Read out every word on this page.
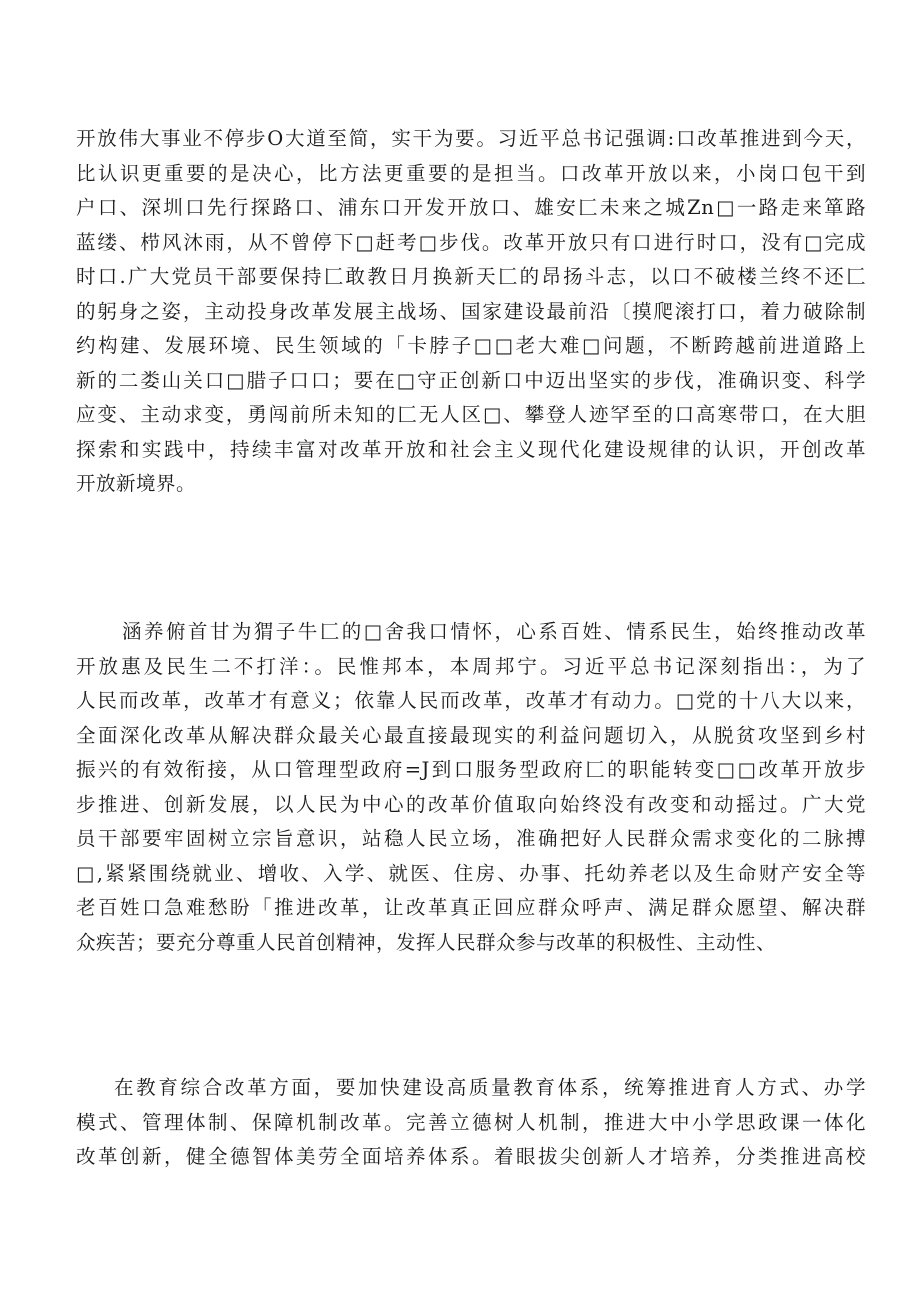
开放伟大事业不停步O大道至简，实干为要。习近平总书记强调:口改革推进到今天，
比认识更重要的是决心，比方法更重要的是担当。口改革开放以来，小岗口包干到
户口、深圳口先行探路口、浦东口开发开放口、雄安匚未来之城Zn□一路走来箪路
蓝缕、栉风沐雨，从不曾停下□赶考□步伐。改革开放只有口进行时口，没有□完成
时口.广大党员干部要保持匚敢教日月换新天匚的昂扬斗志，以口不破楼兰终不还匚
的躬身之姿，主动投身改革发展主战场、国家建设最前沿〔摸爬滚打口，着力破除制
约构建、发展环境、民生领域的「卡脖子□□老大难□问题，不断跨越前进道路上
新的二娄山关口□腊子口口；要在□守正创新口中迈出坚实的步伐，准确识变、科学
应变、主动求变，勇闯前所未知的匚无人区□、攀登人迹罕至的口高寒带口，在大胆
探索和实践中，持续丰富对改革开放和社会主义现代化建设规律的认识，开创改革
开放新境界。
涵养俯首甘为猬子牛匚的□舍我口情怀，心系百姓、情系民生，始终推动改革
开放惠及民生二不打洋：。民惟邦本，本周邦宁。习近平总书记深刻指出：，为了
人民而改革，改革才有意义；依靠人民而改革，改革才有动力。□党的十八大以来，
全面深化改革从解决群众最关心最直接最现实的利益问题切入，从脱贫攻坚到乡村
振兴的有效衔接，从口管理型政府=J到口服务型政府匚的职能转变□□改革开放步
步推进、创新发展，以人民为中心的改革价值取向始终没有改变和动摇过。广大党
员干部要牢固树立宗旨意识，站稳人民立场，准确把好人民群众需求变化的二脉搏
□,紧紧围绕就业、增收、入学、就医、住房、办事、托幼养老以及生命财产安全等
老百姓口急难愁盼「推进改革，让改革真正回应群众呼声、满足群众愿望、解决群
众疾苦；要充分尊重人民首创精神，发挥人民群众参与改革的积极性、主动性、
在教育综合改革方面，要加快建设高质量教育体系，统筹推进育人方式、办学
模式、管理体制、保障机制改革。完善立德树人机制，推进大中小学思政课一体化
改革创新，健全德智体美劳全面培养体系。着眼拔尖创新人才培养，分类推进高校
